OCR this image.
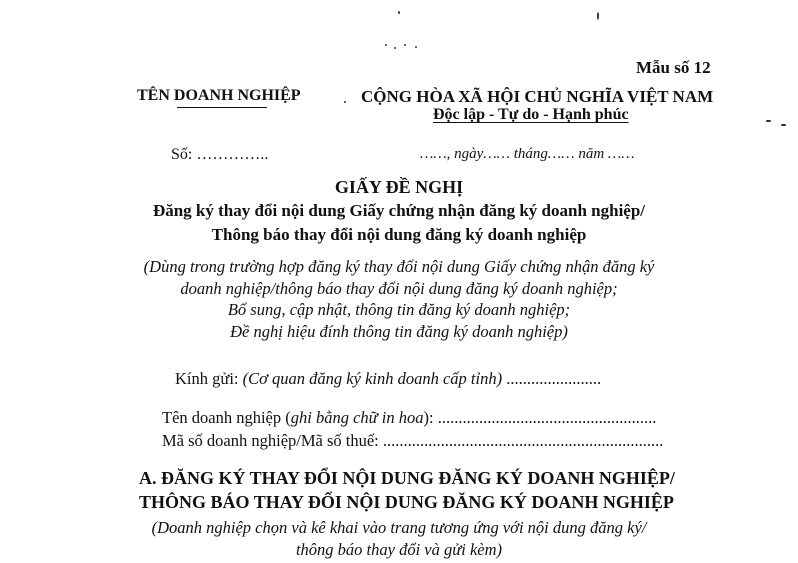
Mẫu số 12
TÊN DOANH NGHIỆP	CỘNG HÒA XÃ HỘI CHỦ NGHĨA VIỆT NAM
Độc lập - Tự do - Hạnh phúc
Số: …………..	……, ngày…… tháng…… năm ……
GIẤY ĐỀ NGHỊ
Đăng ký thay đổi nội dung Giấy chứng nhận đăng ký doanh nghiệp/
Thông báo thay đổi nội dung đăng ký doanh nghiệp
(Dùng trong trường hợp đăng ký thay đổi nội dung Giấy chứng nhận đăng ký
doanh nghiệp/thông báo thay đổi nội dung đăng ký doanh nghiệp;
Bổ sung, cập nhật, thông tin đăng ký doanh nghiệp;
Đề nghị hiệu đính thông tin đăng ký doanh nghiệp)
Kính gửi: (Cơ quan đăng ký kinh doanh cấp tỉnh) .......................
Tên doanh nghiệp (ghi bằng chữ in hoa): .....................................................
Mã số doanh nghiệp/Mã số thuế: ....................................................................
A. ĐĂNG KÝ THAY ĐỔI NỘI DUNG ĐĂNG KÝ DOANH NGHIỆP/
THÔNG BÁO THAY ĐỔI NỘI DUNG ĐĂNG KÝ DOANH NGHIỆP
(Doanh nghiệp chọn và kê khai vào trang tương ứng với nội dung đăng ký/
thông báo thay đổi và gửi kèm)
